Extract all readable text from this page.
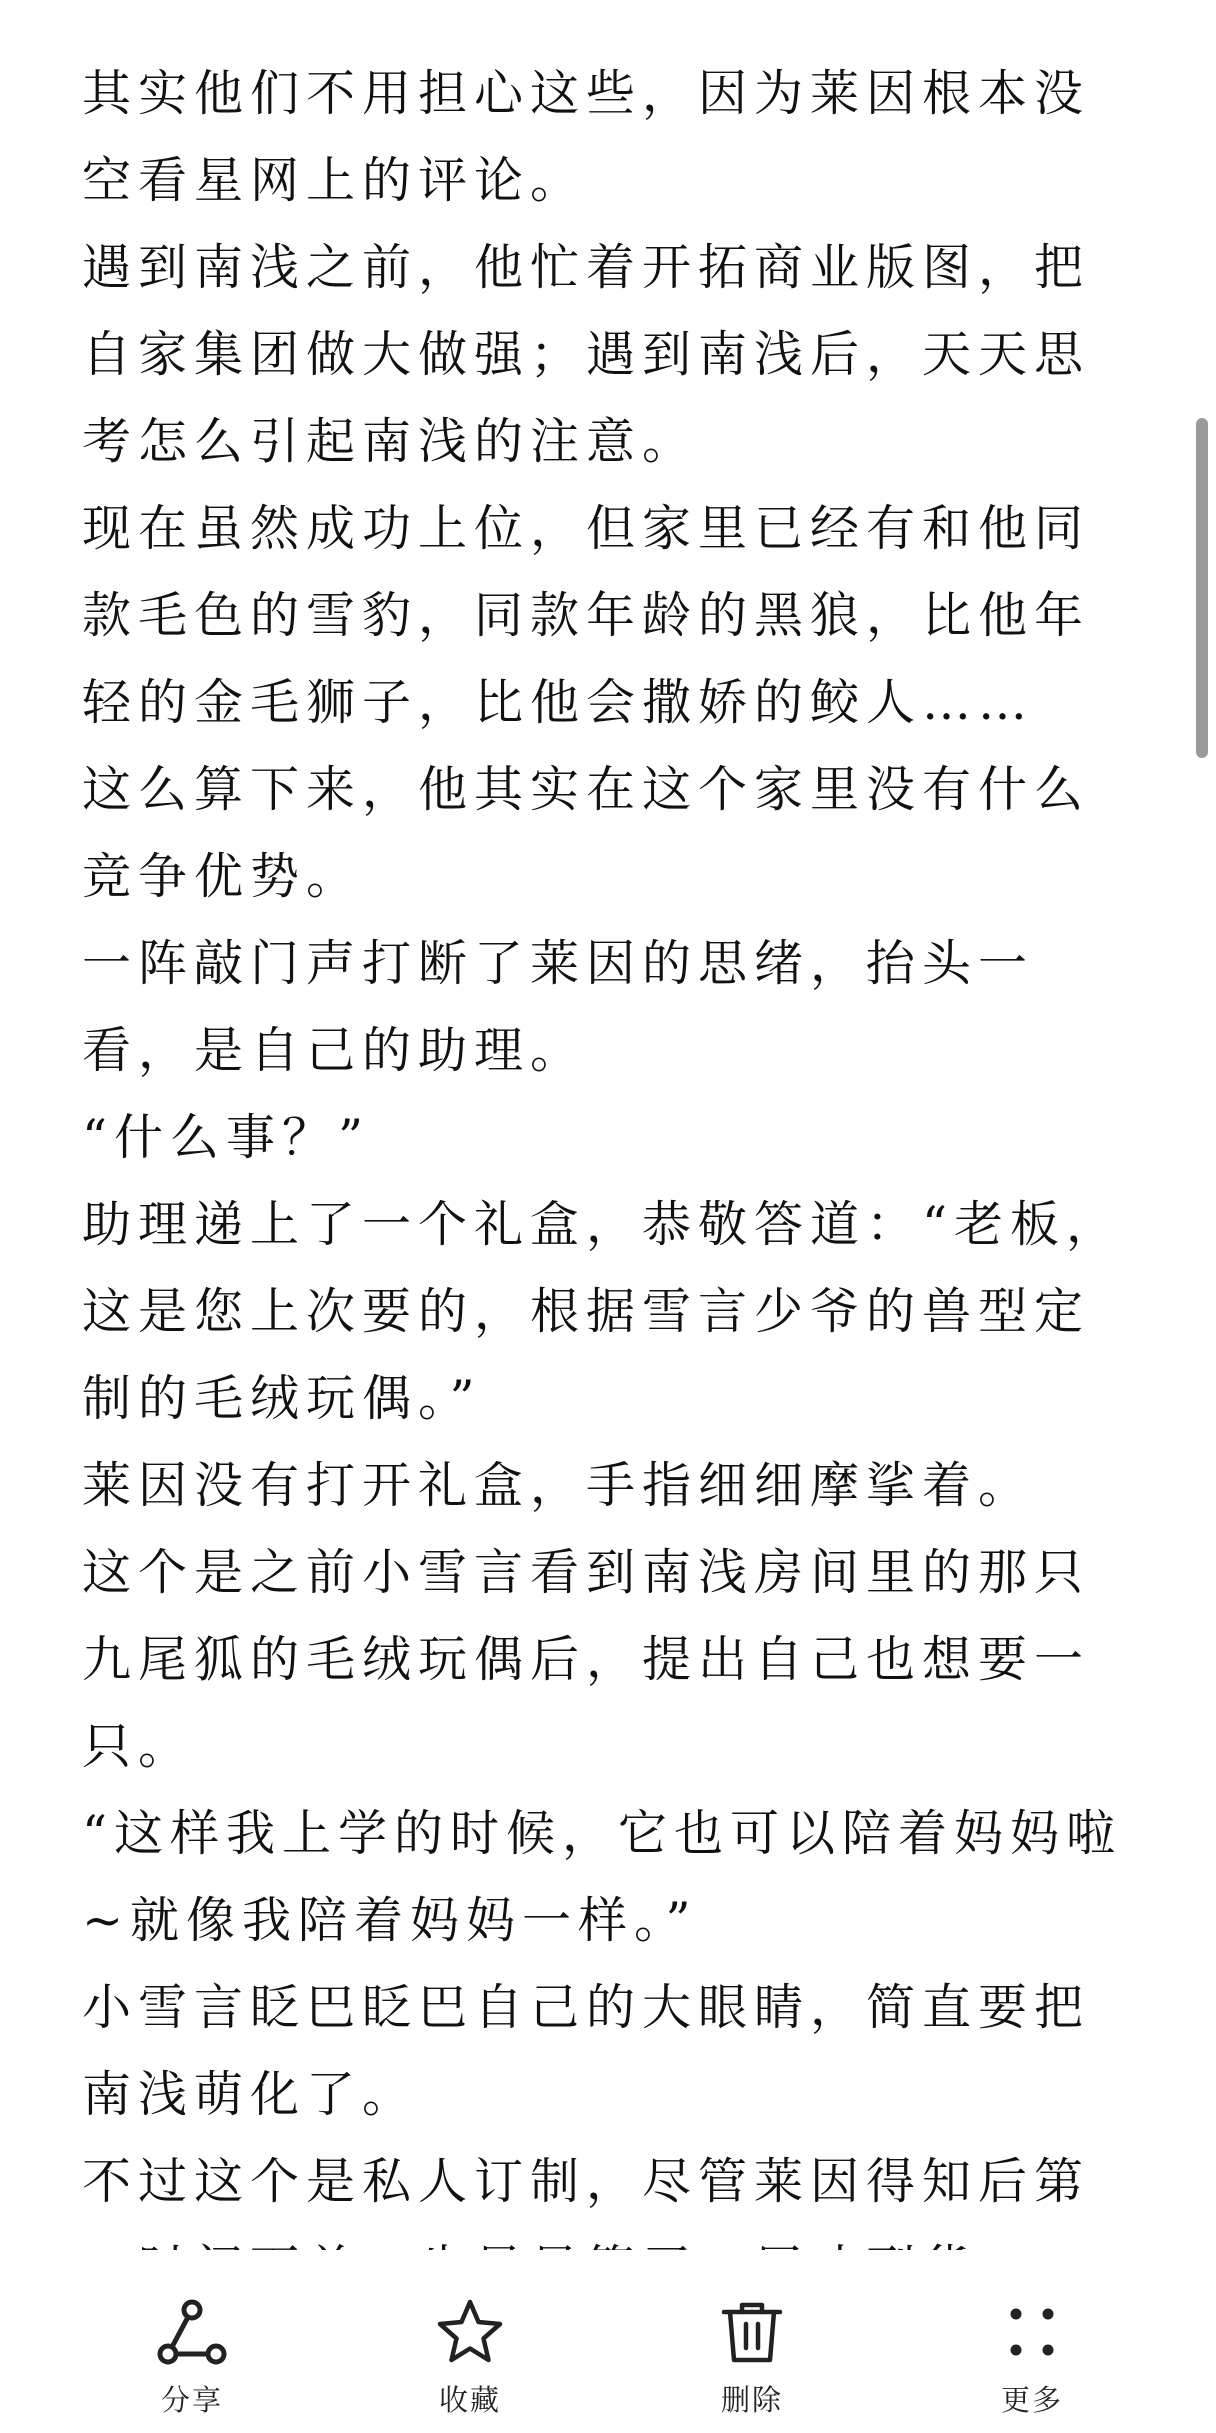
其实他们不用担心这些，因为莱因根本没空看星网上的评论。

遇到南浅之前，他忙着开拓商业版图，把自家集团做大做强；遇到南浅后，天天思考怎么引起南浅的注意。

现在虽然成功上位，但家里已经有和他同款毛色的雪豹，同款年龄的黑狼，比他年轻的金毛狮子，比他会撒娇的鲛人……

这么算下来，他其实在这个家里没有什么竞争优势。

一阵敲门声打断了莱因的思绪，抬头一看，是自己的助理。

“什么事？”

助理递上了一个礼盒，恭敬答道：“老板，这是您上次要的，根据雪言少爷的兽型定制的毛绒玩偶。”

莱因没有打开礼盒，手指细细摩挲着。

这个是之前小雪言看到南浅房间里的那只九尾狐的毛绒玩偶后，提出自己也想要一只。

“这样我上学的时候，它也可以陪着妈妈啦~就像我陪着妈妈一样。”

小雪言眨巴眨巴自己的大眼睛，简直要把南浅萌化了。

不过这个是私人订制，尽管莱因得知后第

分享	收藏	删除	更多
